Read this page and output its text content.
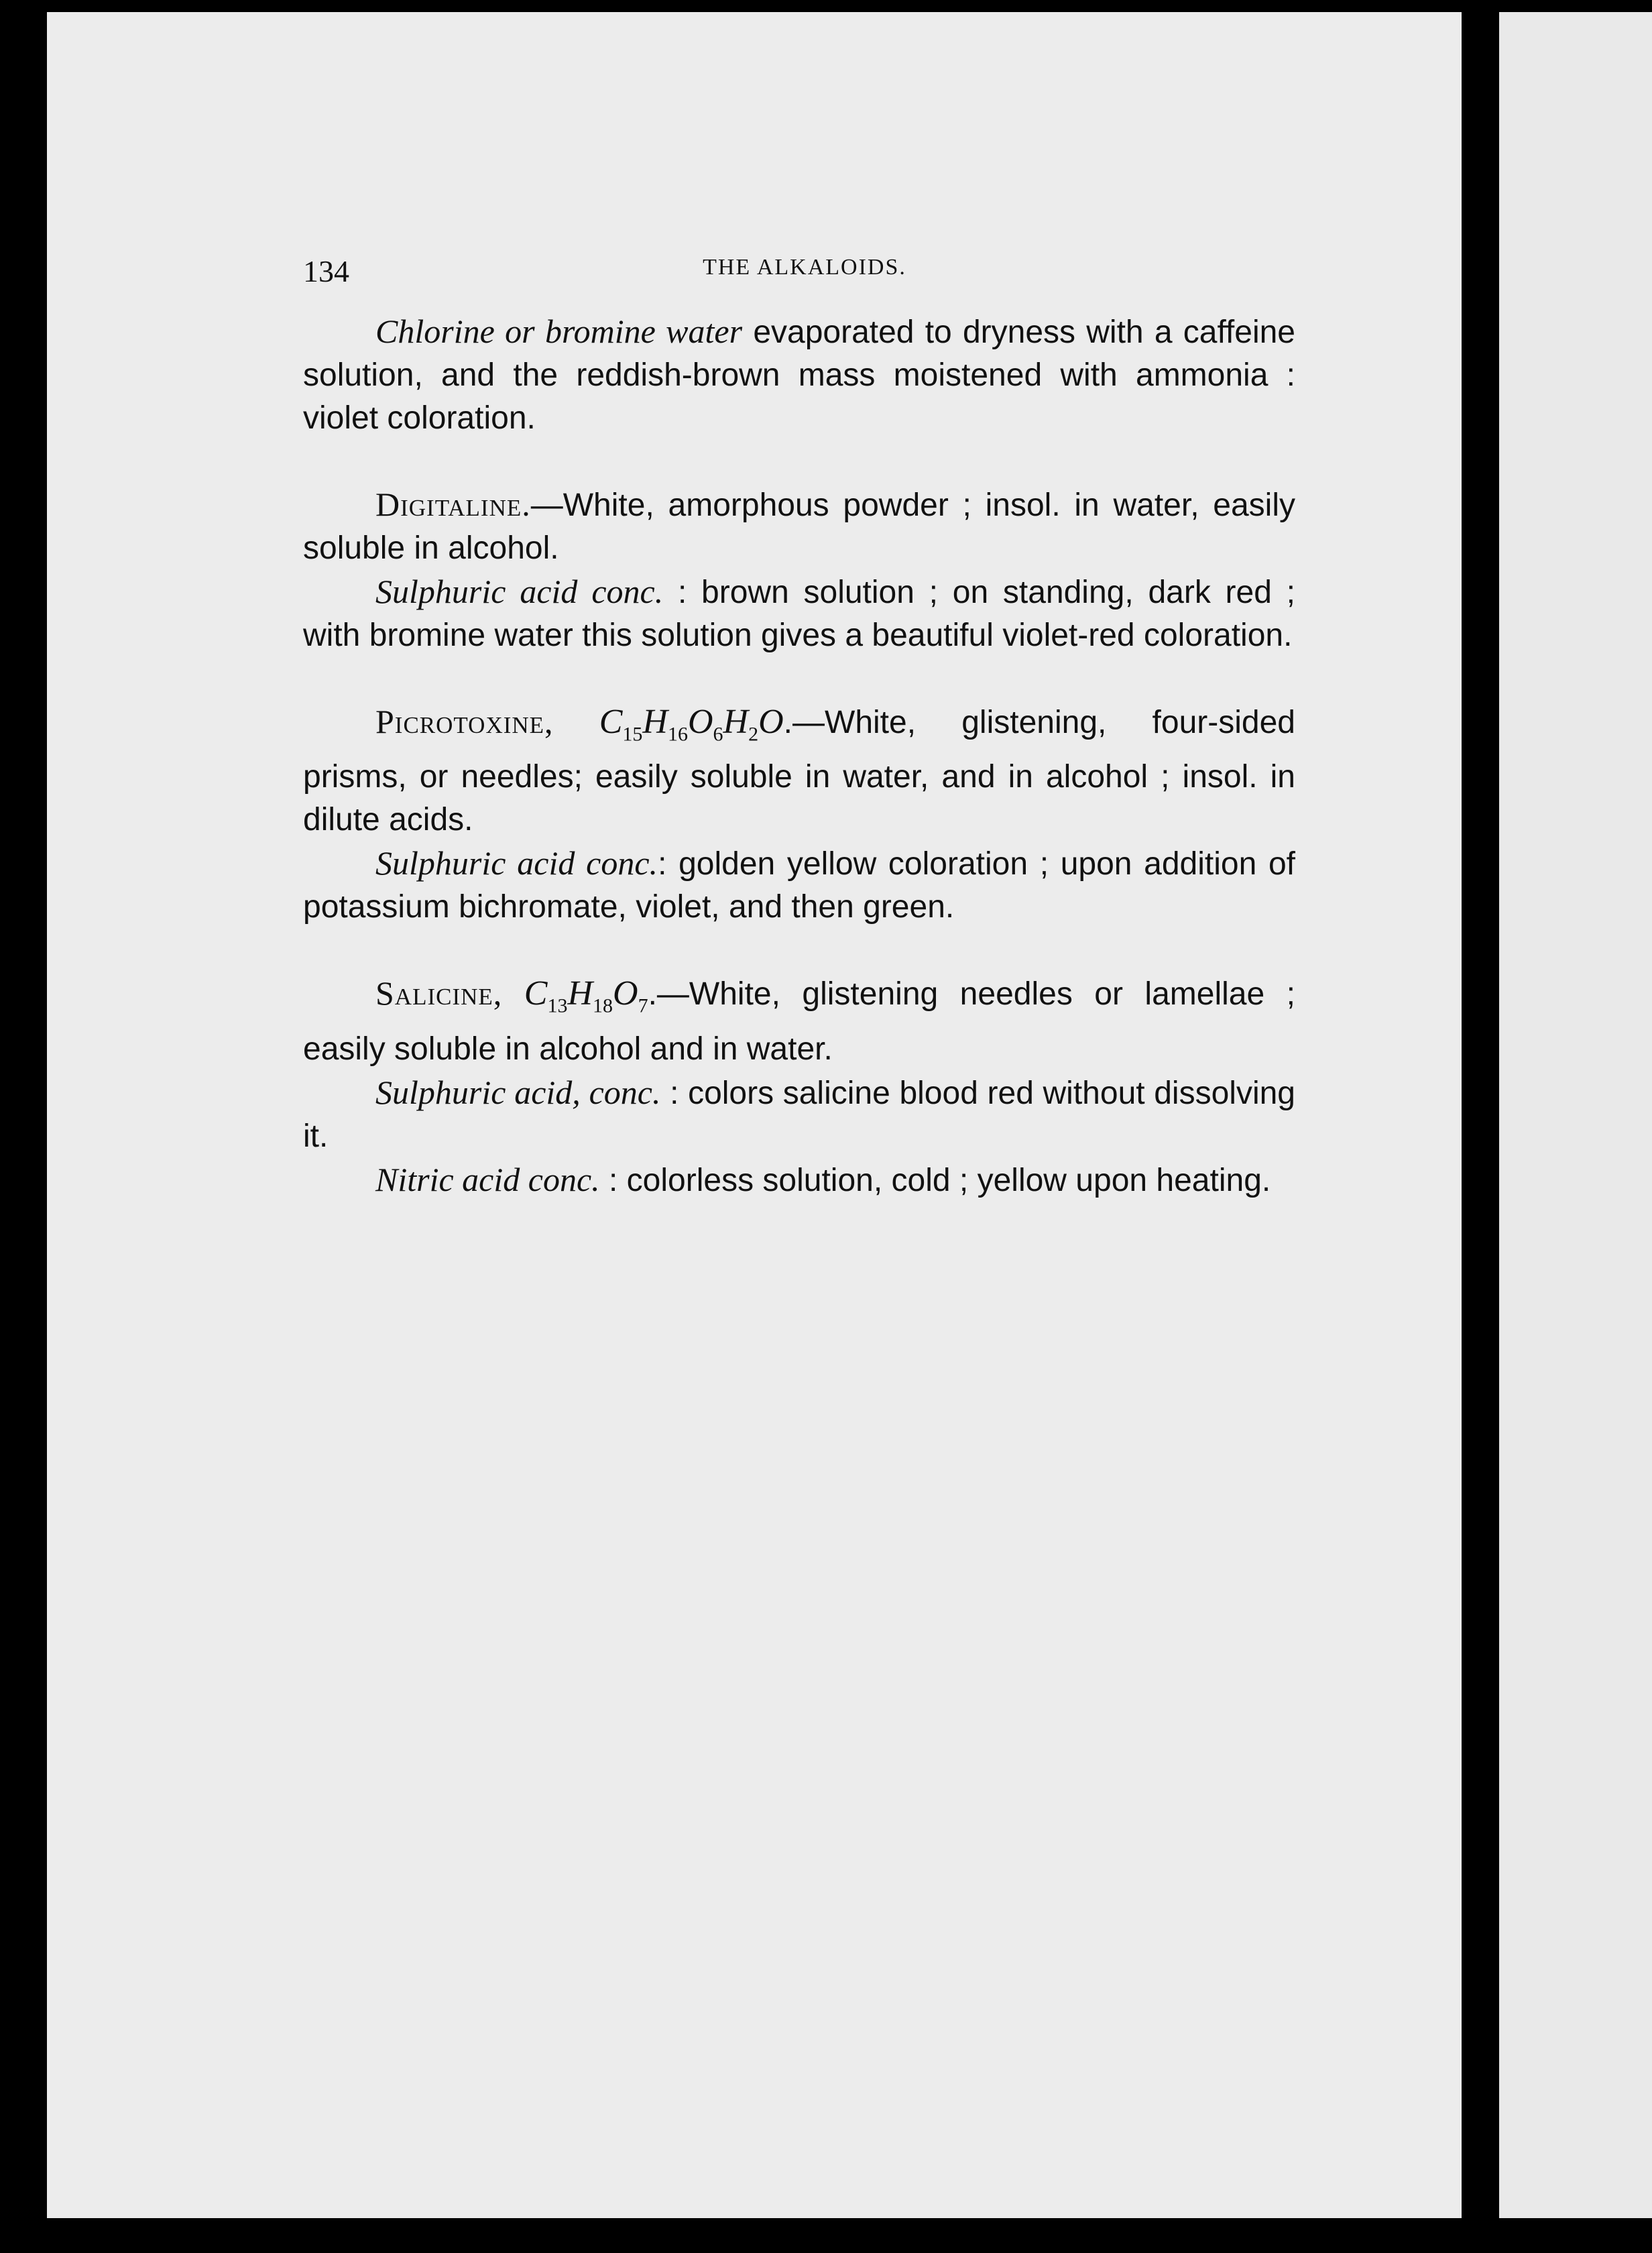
134	THE ALKALOIDS.

Chlorine or bromine water evaporated to dryness with a caffeine solution, and the reddish-brown mass moistened with ammonia : violet coloration.

Digitaline.—White, amorphous powder ; insol. in water, easily soluble in alcohol.

Sulphuric acid conc. : brown solution ; on standing, dark red ; with bromine water this solution gives a beautiful violet-red coloration.

Picrotoxine, $C_{15}H_{16}O_6H_2O.—White$, glistening, four-sided prisms, or needles; easily soluble in water, and in alcohol ; insol. in dilute acids.

Sulphuric acid conc.: golden yellow coloration ; upon addition of potassium bichromate, violet, and then green.

Salicine, $C_{13}H_{18}O_7.—White$, glistening needles or lamellae ; easily soluble in alcohol and in water.

Sulphuric acid, conc. : colors salicine blood red without dissolving it.

Nitric acid conc. : colorless solution, cold ; yellow upon heating.
